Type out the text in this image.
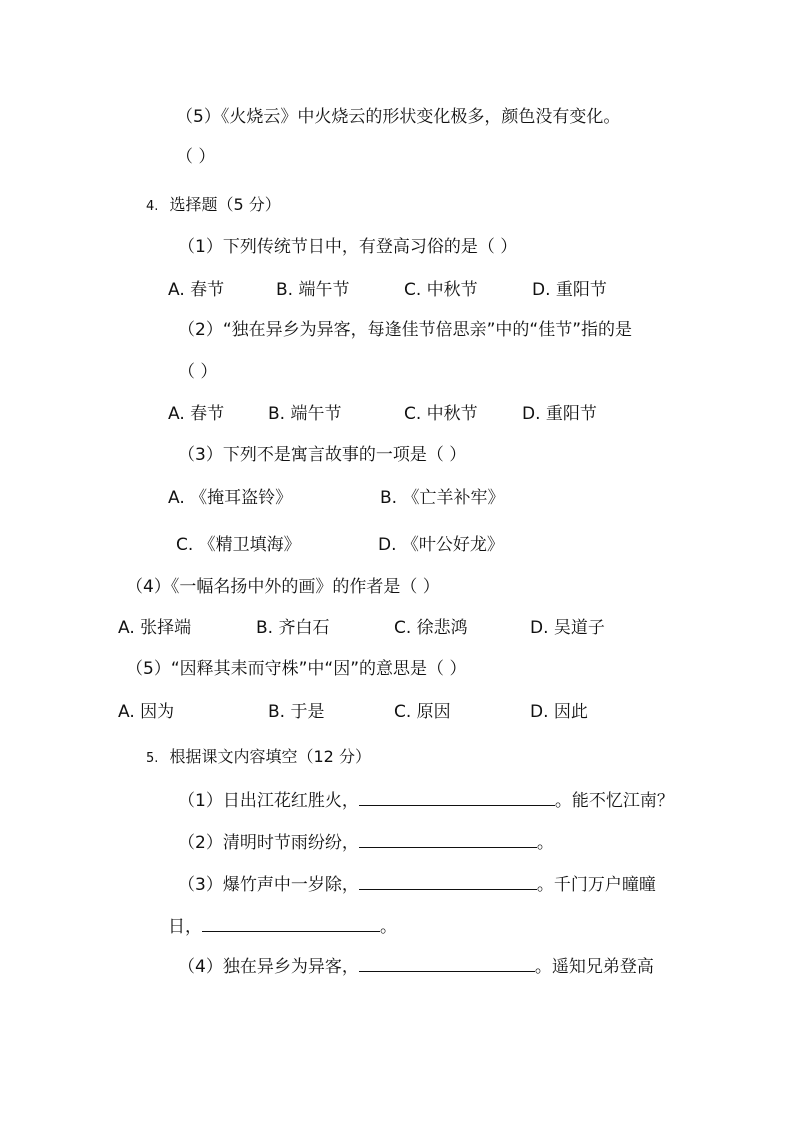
（5）《火烧云》中火烧云的形状变化极多，颜色没有变化。
（ ）
4. 选择题（5 分）
（1）下列传统节日中，有登高习俗的是（ ）
A. 春节	B. 端午节	C. 中秋节	D. 重阳节
（2）“独在异乡为异客，每逢佳节倍思亲”中的“佳节”指的是
（ ）
A. 春节	B. 端午节	C. 中秋节	D. 重阳节
（3）下列不是寓言故事的一项是（ ）
A. 《掩耳盗铃》	B. 《亡羊补牢》
C. 《精卫填海》	D. 《叶公好龙》
（4）《一幅名扬中外的画》的作者是（ ）
A. 张择端	B. 齐白石	C. 徐悲鸿	D. 吴道子
（5）“因释其耒而守株”中“因”的意思是（ ）
A. 因为	B. 于是	C. 原因	D. 因此
5. 根据课文内容填空（12 分）
（1）日出江花红胜火，	。能不忆江南？
（2）清明时节雨纷纷，	。
（3）爆竹声中一岁除，	。千门万户曈曈
日，	。
（4）独在异乡为异客，	。遥知兄弟登高
